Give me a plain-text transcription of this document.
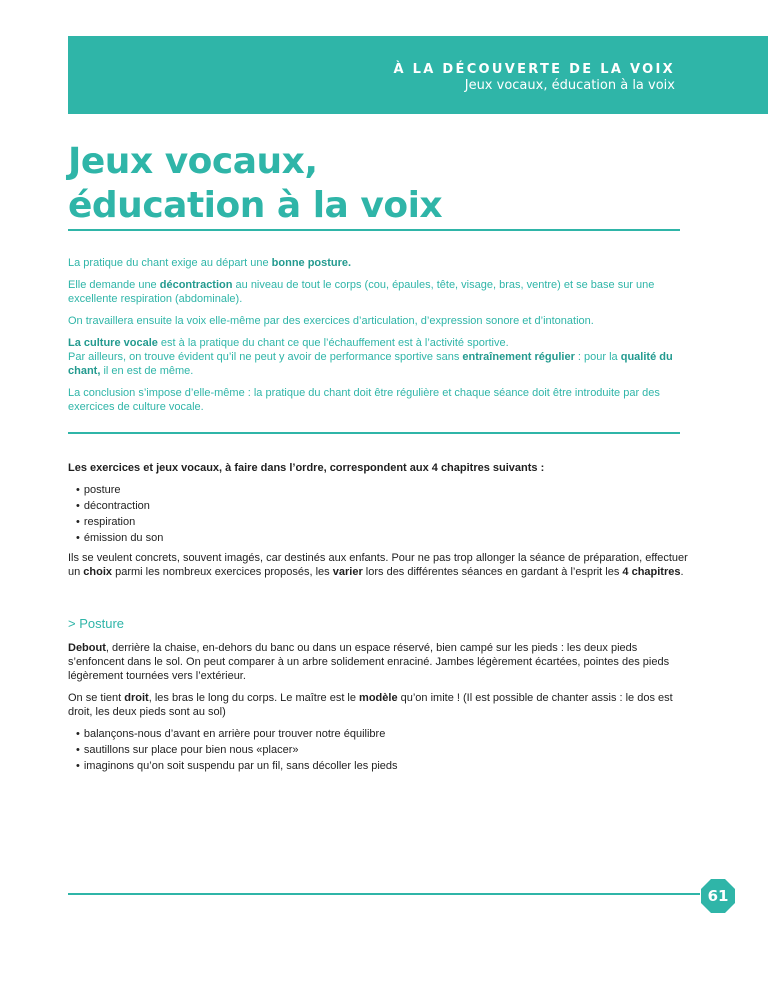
À LA DÉCOUVERTE DE LA VOIX
Jeux vocaux, éducation à la voix
Jeux vocaux,
éducation à la voix

La pratique du chant exige au départ une bonne posture.

Elle demande une décontraction au niveau de tout le corps (cou, épaules, tête, visage, bras, ventre) et se base sur une excellente respiration (abdominale).

On travaillera ensuite la voix elle-même par des exercices d’articulation, d’expression sonore et d’intonation.

La culture vocale est à la pratique du chant ce que l’échauffement est à l’activité sportive.

Par ailleurs, on trouve évident qu’il ne peut y avoir de performance sportive sans entraînement régulier : pour la qualité du chant, il en est de même.

La conclusion s’impose d’elle-même : la pratique du chant doit être régulière et chaque séance doit être introduite par des exercices de culture vocale.

Les exercices et jeux vocaux, à faire dans l’ordre, correspondent aux 4 chapitres suivants :

• posture
• décontraction
• respiration
• émission du son

Ils se veulent concrets, souvent imagés, car destinés aux enfants. Pour ne pas trop allonger la séance de préparation, effectuer un choix parmi les nombreux exercices proposés, les varier lors des différentes séances en gardant à l’esprit les 4 chapitres.

> Posture

Debout, derrière la chaise, en-dehors du banc ou dans un espace réservé, bien campé sur les pieds : les deux pieds s’enfoncent dans le sol. On peut comparer à un arbre solidement enraciné. Jambes légèrement écartées, pointes des pieds légèrement tournées vers l’extérieur.

On se tient droit, les bras le long du corps. Le maître est le modèle qu’on imite ! (Il est possible de chanter assis : le dos est droit, les deux pieds sont au sol)

• balançons-nous d’avant en arrière pour trouver notre équilibre
• sautillons sur place pour bien nous «placer»
• imaginons qu’on soit suspendu par un fil, sans décoller les pieds
61
